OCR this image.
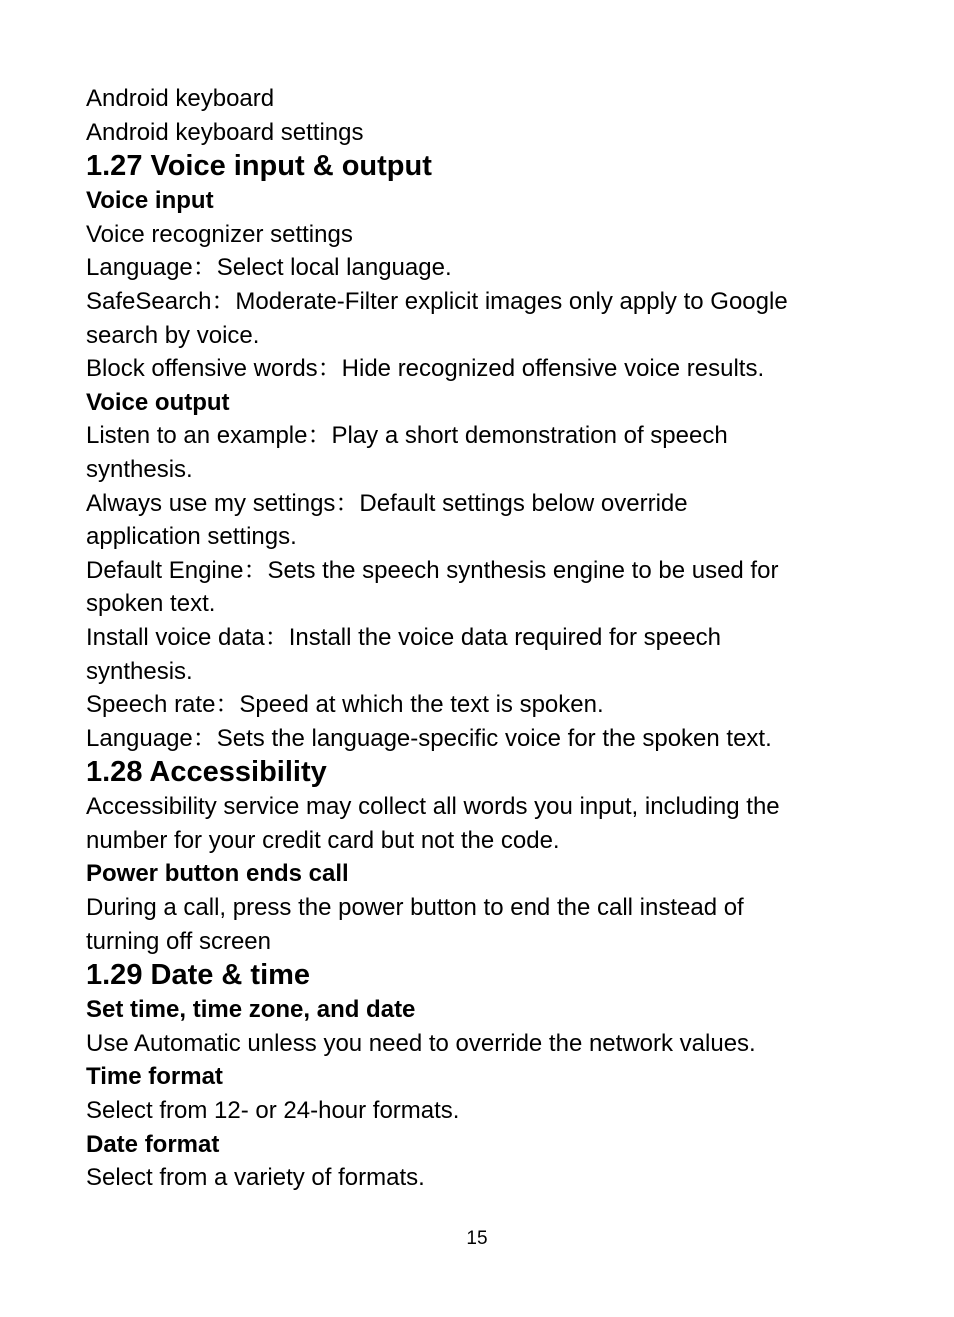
Android keyboard
Android keyboard settings
1.27 Voice input & output
Voice input
Voice recognizer settings
Language：Select local language.
SafeSearch：Moderate-Filter explicit images only apply to Google
search by voice.
Block offensive words：Hide recognized offensive voice results.
Voice output
Listen to an example：Play a short demonstration of speech
synthesis.
Always use my settings：Default settings below override
application settings.
Default Engine：Sets the speech synthesis engine to be used for
spoken text.
Install voice data：Install the voice data required for speech
synthesis.
Speech rate：Speed at which the text is spoken.
Language：Sets the language-specific voice for the spoken text.
1.28 Accessibility
Accessibility service may collect all words you input, including the
number for your credit card but not the code.
Power button ends call
During a call, press the power button to end the call instead of
turning off screen
1.29 Date & time
Set time, time zone, and date
Use Automatic unless you need to override the network values.
Time format
Select from 12- or 24-hour formats.
Date format
Select from a variety of formats.
15
